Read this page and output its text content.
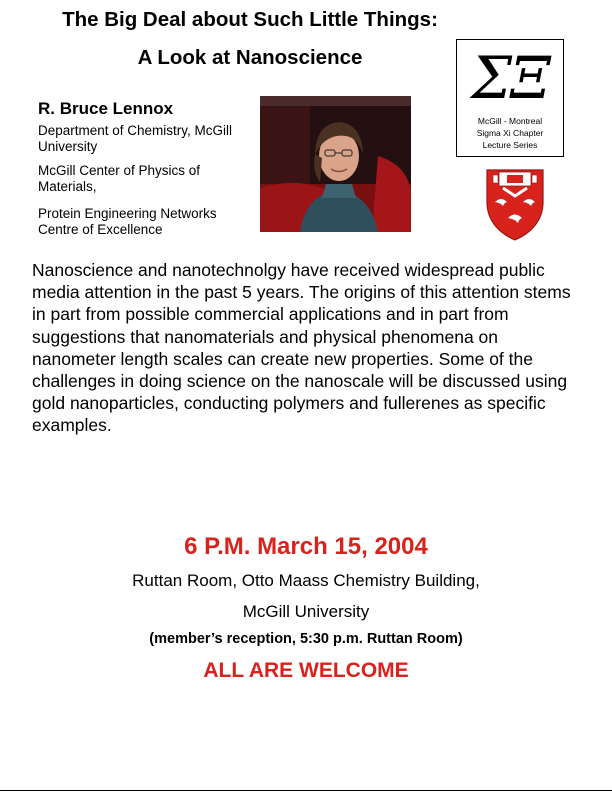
The Big Deal about Such Little Things:
A Look at Nanoscience	ΣΞ
McGill - Montreal
Sigma Xi Chapter
Lecture Series
R. Bruce Lennox
Department of Chemistry, McGill University
McGill Center of Physics of Materials,
Protein Engineering Networks Centre of Excellence
Nanoscience and nanotechnolgy have received widespread public media attention in the past 5 years. The origins of this attention stems in part from possible commercial applications and in part from suggestions that nanomaterials and physical phenomena on nanometer length scales can create new properties. Some of the challenges in doing science on the nanoscale will be discussed using gold nanoparticles, conducting polymers and fullerenes as specific examples.
6 P.M. March 15, 2004
Ruttan Room, Otto Maass Chemistry Building,
McGill University
(member’s reception, 5:30 p.m. Ruttan Room)
ALL ARE WELCOME
